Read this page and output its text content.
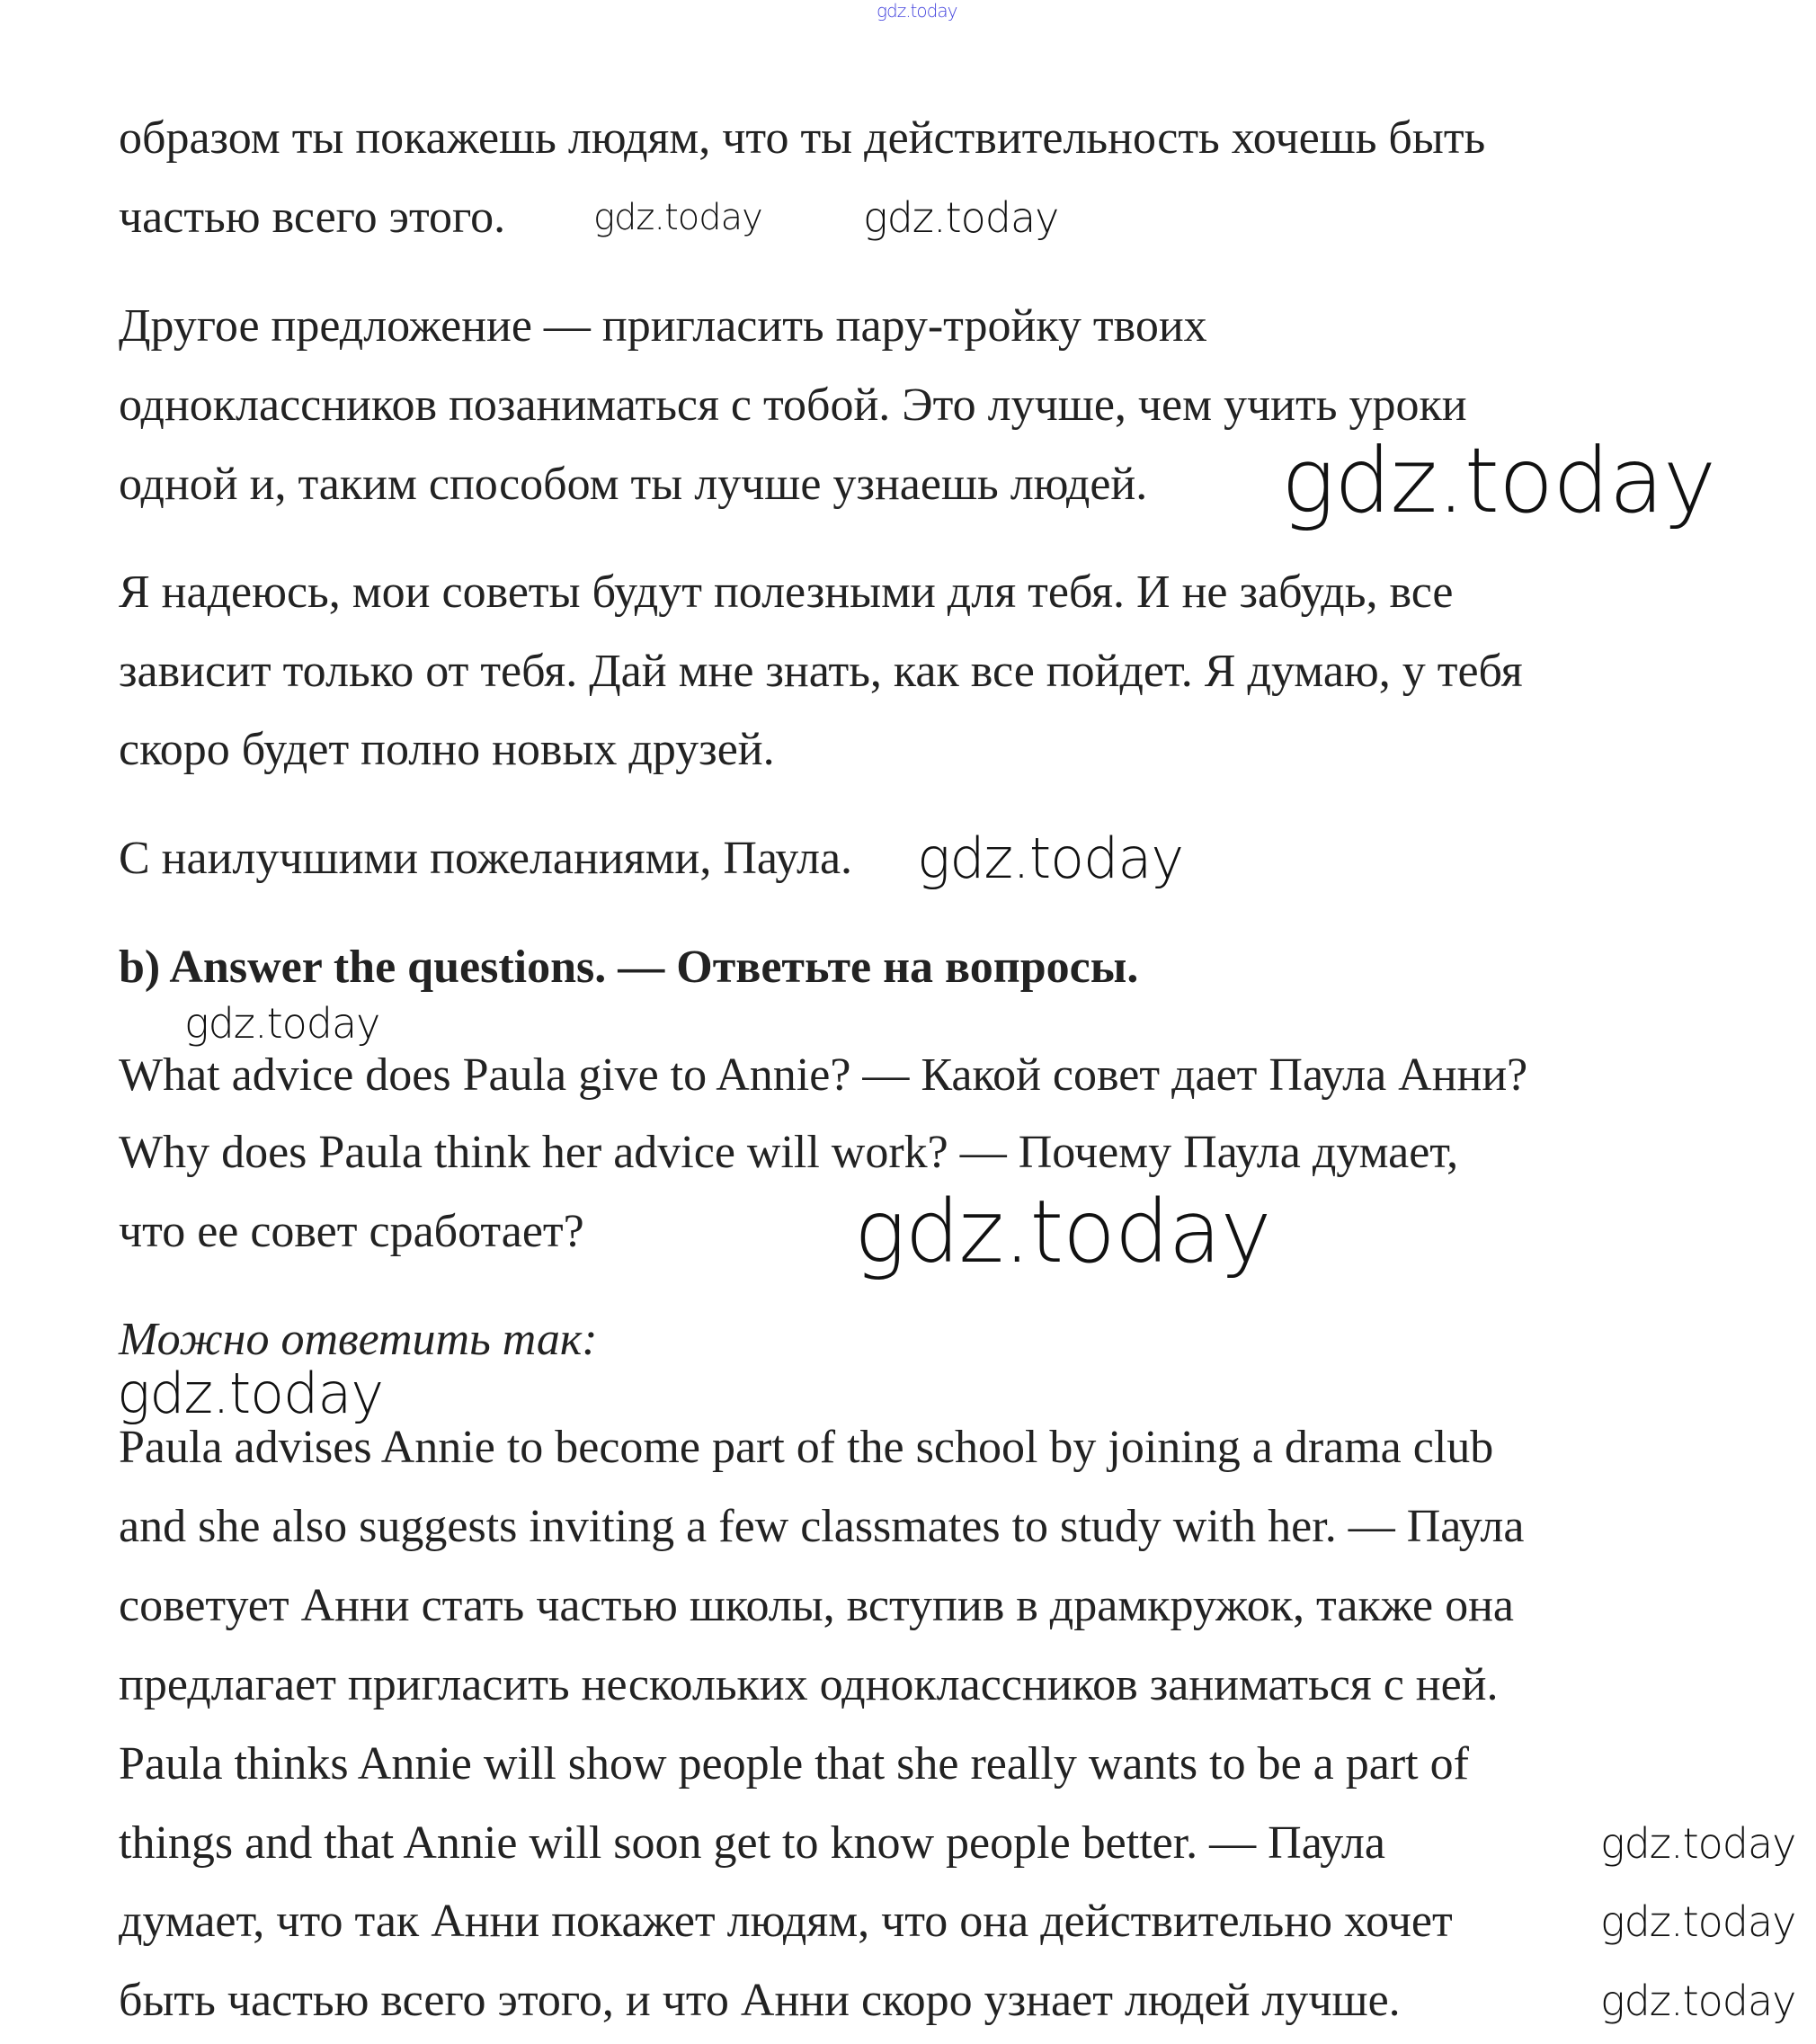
gdz.today
образом ты покажешь людям, что ты действительность хочешь быть
частью всего этого.
Другое предложение — пригласить пару-тройку твоих
одноклассников позаниматься с тобой. Это лучше, чем учить уроки
одной и, таким способом ты лучше узнаешь людей.
Я надеюсь, мои советы будут полезными для тебя. И не забудь, все
зависит только от тебя. Дай мне знать, как все пойдет. Я думаю, у тебя
скоро будет полно новых друзей.
С наилучшими пожеланиями, Паула.
b) Answer the questions. — Ответьте на вопросы.
What advice does Paula give to Annie? — Какой совет дает Паула Анни?
Why does Paula think her advice will work? — Почему Паула думает,
что ее совет сработает?
Можно ответить так:
Paula advises Annie to become part of the school by joining a drama club
and she also suggests inviting a few classmates to study with her. — Паула
советует Анни стать частью школы, вступив в драмкружок, также она
предлагает пригласить нескольких одноклассников заниматься с ней.
Paula thinks Annie will show people that she really wants to be a part of
things and that Annie will soon get to know people better. — Паула
думает, что так Анни покажет людям, что она действительно хочет
быть частью всего этого, и что Анни скоро узнает людей лучше.
gdz.today gdz.today
gdz.today
gdz.today
gdz.today
gdz.today
gdz.today
gdz.today
gdz.today
gdz.today
